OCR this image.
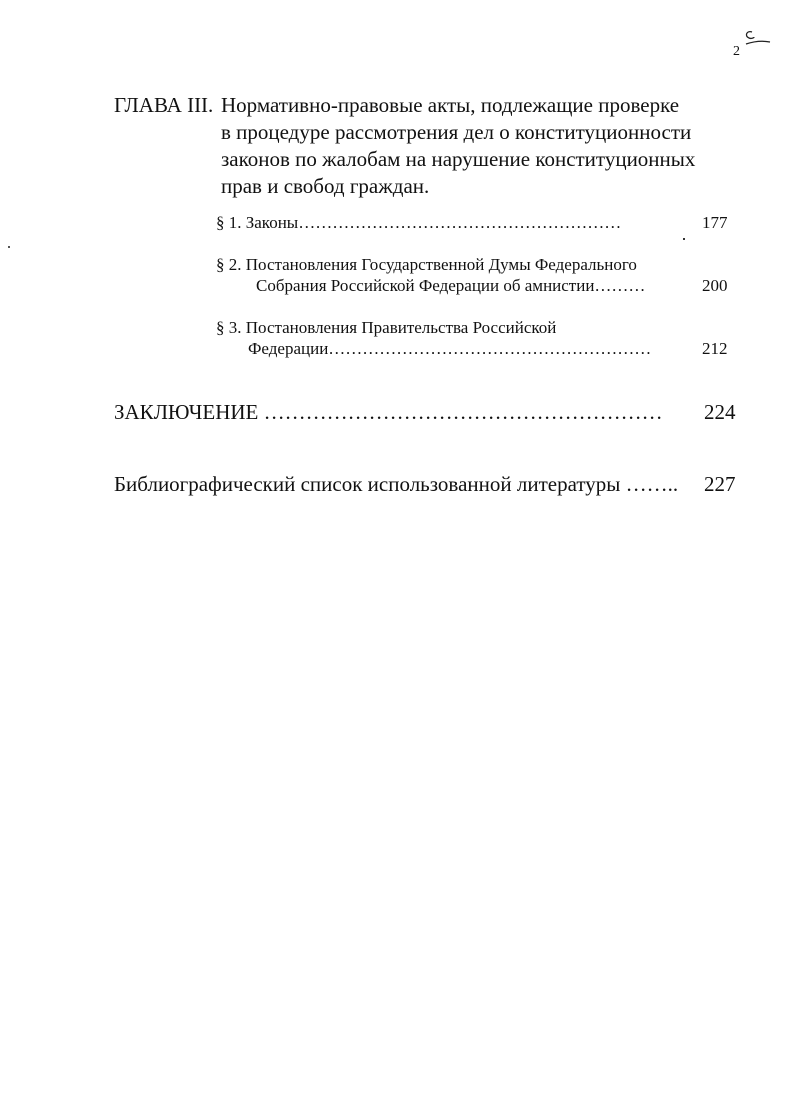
2
ГЛАВА III. Нормативно-правовые акты, подлежащие проверке
в процедуре рассмотрения дел о конституционности
законов по жалобам на нарушение конституционных
прав и свобод граждан.
§ 1. Законы…………………………………………………	177
§ 2. Постановления Государственной Думы Федерального
Собрания Российской Федерации об амнистии………	200
§ 3. Постановления Правительства Российской
Федерации…………………………………………………	212
ЗАКЛЮЧЕНИЕ ………………………………………………… 224
Библиографический список использованной литературы …….. 227
